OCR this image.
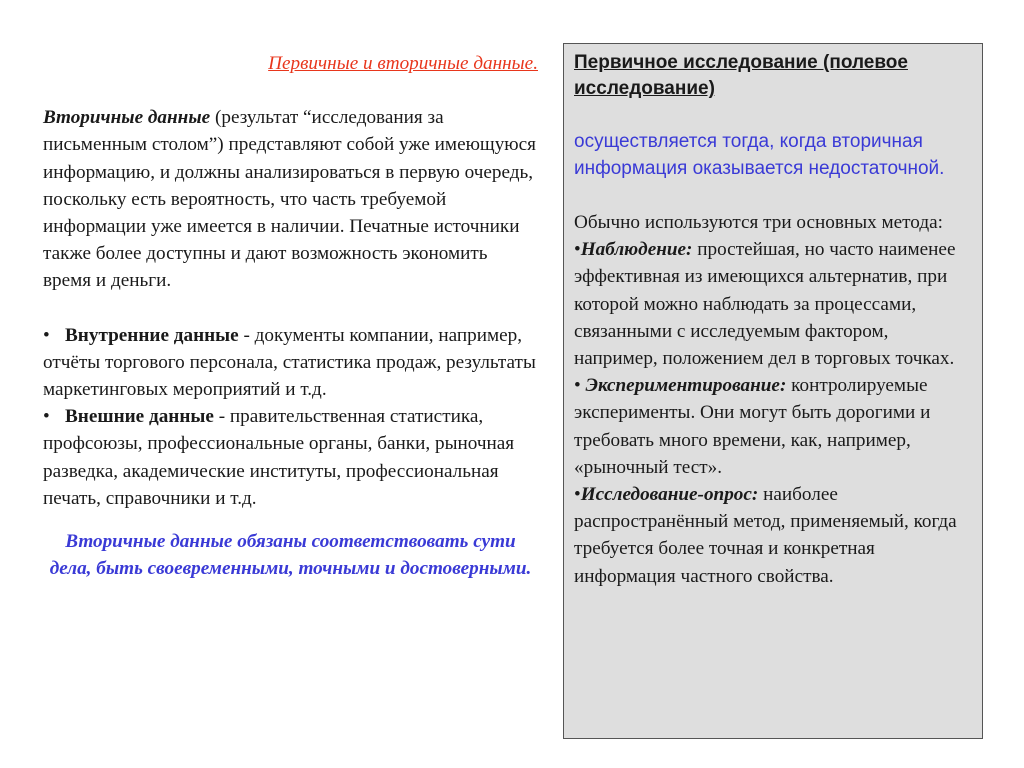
Первичные и вторичные данные.

Вторичные данные (результат “исследования за письменным столом”) представляют собой уже имеющуюся информацию, и должны анализироваться в первую очередь, поскольку есть вероятность, что часть требуемой информации уже имеется в наличии. Печатные источники также более доступны и дают возможность экономить время и деньги.

• Внутренние данные - документы компании, например, отчёты торгового персонала, статистика продаж, результаты маркетинговых мероприятий и т.д.

• Внешние данные - правительственная статистика, профсоюзы, профессиональные органы, банки, рыночная разведка, академические институты, профессиональная печать, справочники и т.д.

Вторичные данные обязаны соответствовать сути дела, быть своевременными, точными и достоверными.

Первичное исследование (полевое исследование)

осуществляется тогда, когда вторичная информация оказывается недостаточной.

Обычно используются три основных метода:

•Наблюдение: простейшая, но часто наименее эффективная из имеющихся альтернатив, при которой можно наблюдать за процессами, связанными с исследуемым фактором, например, положением дел в торговых точках.

• Экспериментирование: контролируемые эксперименты. Они могут быть дорогими и требовать много времени, как, например, «рыночный тест».

•Исследование-опрос: наиболее распространённый метод, применяемый, когда требуется более точная и конкретная информация частного свойства.
